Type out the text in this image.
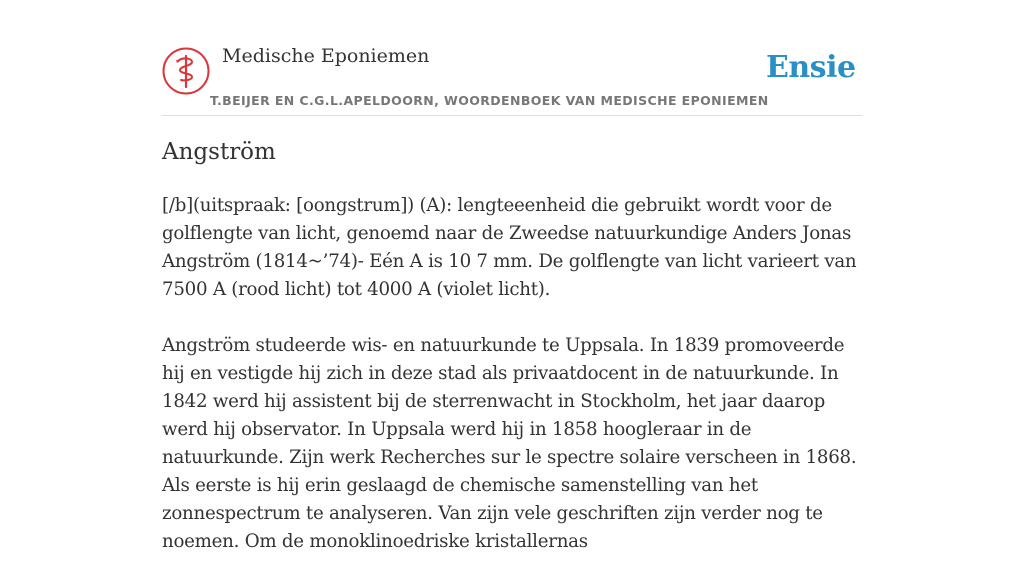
Medische Eponiemen	Ensie
T.BEIJER EN C.G.L.APELDOORN, WOORDENBOEK VAN MEDISCHE EPONIEMEN
Angström

[/b](uitspraak: [oongstrum]) (A): lengteeenheid die gebruikt wordt voor de golflengte van licht, genoemd naar de Zweedse natuurkundige Anders Jonas Angström (1814~’74)- Eén A is 10 7 mm. De golflengte van licht varieert van 7500 A (rood licht) tot 4000 A (violet licht).

Angström studeerde wis- en natuurkunde te Uppsala. In 1839 promoveerde hij en vestigde hij zich in deze stad als privaatdocent in de natuurkunde. In 1842 werd hij assistent bij de sterrenwacht in Stockholm, het jaar daarop werd hij observator. In Uppsala werd hij in 1858 hoogleraar in de natuurkunde. Zijn werk Recherches sur le spectre solaire verscheen in 1868. Als eerste is hij erin geslaagd de chemische samenstelling van het zonnespectrum te analyseren. Van zijn vele geschriften zijn verder nog te noemen. Om de monoklinoedriske kristallernas
